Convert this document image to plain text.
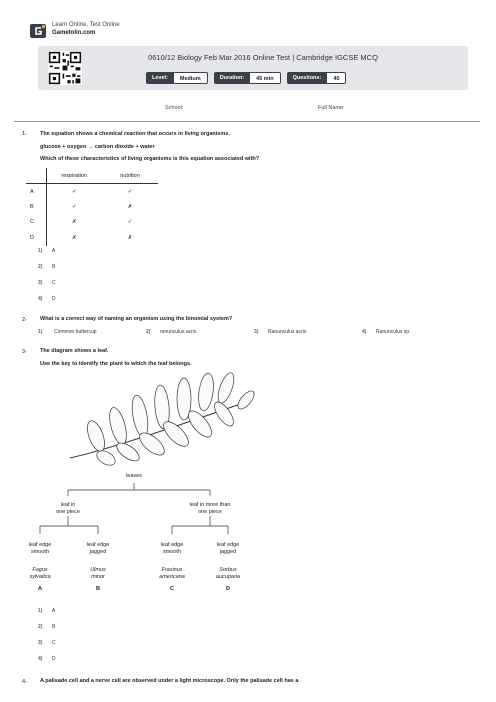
Learn Online, Test Online
Gametolin.com
0610/12 Biology Feb Mar 2016 Online Test | Cambridge IGCSE MCQ
Level:	Medium	Duration:	45 min	Questions:	40
School:	Full Name:
1- The equation shows a chemical reaction that occurs in living organisms.
glucose + oxygen → carbon dioxide + water
Which of these characteristics of living organisms is this equation associated with?
	respiration	nutrition
A	✓	✓
B	✓	✗
C	✗	✓
D	✗	✗
1) A
2) B
3) C
4) D
2- What is a correct way of naming an organism using the binomial system?
1) Common buttercup	2) ranunculus acris	3) Ranunculus acris	4) Ranunculus sp.
3- The diagram shows a leaf.
Use the key to identify the plant to which the leaf belongs.
leaves
leaf in
one piece
leaf in more than
one piece
leaf edge
smooth
Fagus
sylvatica
A
leaf edge
jagged
Ulmus
minor
B
leaf edge
smooth
Fraxinus
americana
C
leaf edge
jagged
Sorbus
aucuparia
D
1) A
2) B
3) C
4) D
4- A palisade cell and a nerve cell are observed under a light microscope. Only the palisade cell has a
